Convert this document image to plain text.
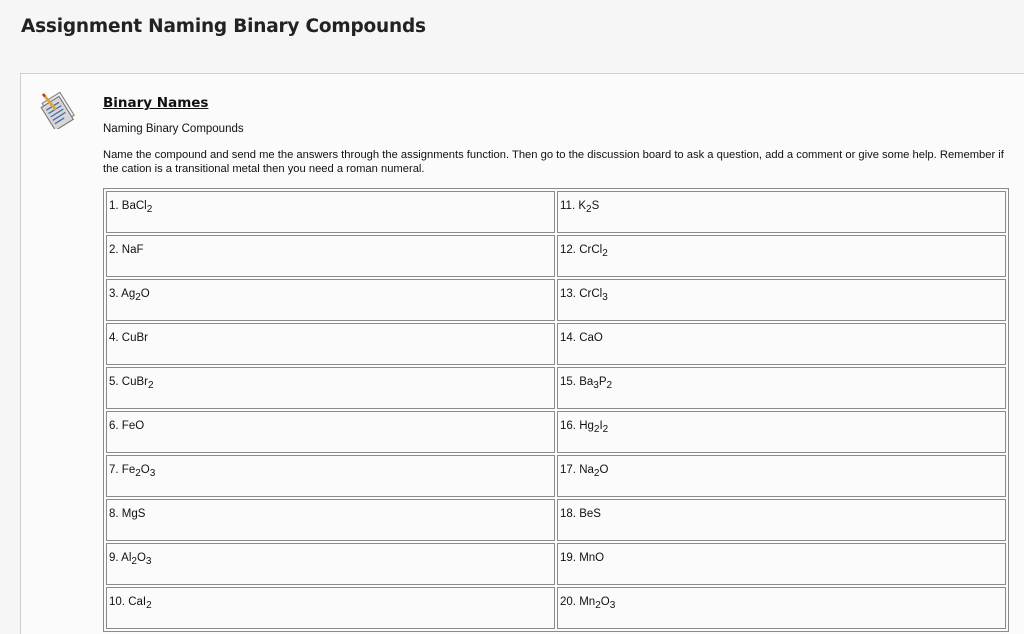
Assignment Naming Binary Compounds
Binary Names
Naming Binary Compounds
Name the compound and send me the answers through the assignments function. Then go to the discussion board to ask a question, add a comment or give some help. Remember if the cation is a transitional metal then you need a roman numeral.
1. BaCl$_2$	11. $K_2S$
2. NaF	12. CrCl$_2$
3. $Ag_2O$	13. CrCl$_3$
4. CuBr	14. CaO
5. CuBr$_2$	15. $Ba_3P_2$
6. FeO	16. $Hg_2I_2$
7. $Fe_2O_3$	17. $Na_2O$
8. MgS	18. BeS
9. $Al_2O_3$	19. MnO
10. CaI$_2$	20. $Mn_2O_3$
